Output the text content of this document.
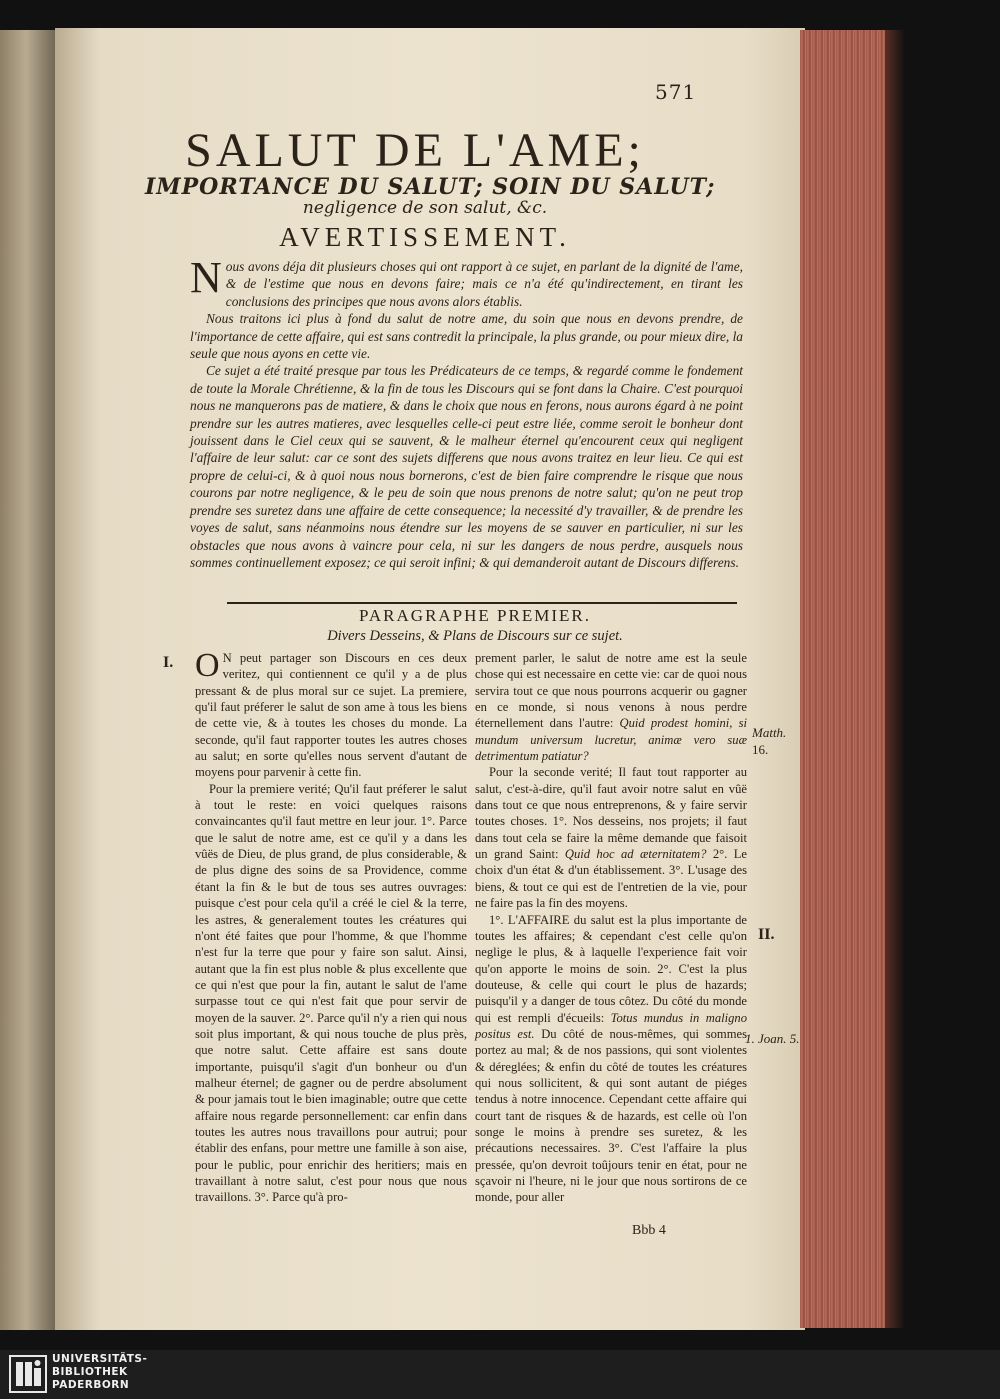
571
SALUT DE L'AME;
IMPORTANCE DU SALUT; SOIN DU SALUT;
negligence de son salut, &c.
AVERTISSEMENT.

Nous avons déja dit plusieurs choses qui ont rapport à ce sujet, en parlant de la dignité de l'ame, & de l'estime que nous en devons faire; mais ce n'a été qu'indirectement, en tirant les conclusions des principes que nous avons alors établis.

Nous traitons ici plus à fond du salut de notre ame, du soin que nous en devons prendre, de l'importance de cette affaire, qui est sans contredit la principale, la plus grande, ou pour mieux dire, la seule que nous ayons en cette vie.

Ce sujet a été traité presque par tous les Prédicateurs de ce temps, & regardé comme le fondement de toute la Morale Chrétienne, & la fin de tous les Discours qui se font dans la Chaire. C'est pourquoi nous ne manquerons pas de matiere, & dans le choix que nous en ferons, nous aurons égard à ne point prendre sur les autres matieres, avec lesquelles celle-ci peut estre liée, comme seroit le bonheur dont jouissent dans le Ciel ceux qui se sauvent, & le malheur éternel qu'encourent ceux qui negligent l'affaire de leur salut: car ce sont des sujets differens que nous avons traitez en leur lieu. Ce qui est propre de celui-ci, & à quoi nous nous bornerons, c'est de bien faire comprendre le risque que nous courons par notre negligence, & le peu de soin que nous prenons de notre salut; qu'on ne peut trop prendre ses suretez dans une affaire de cette consequence; la necessité d'y travailler, & de prendre les voyes de salut, sans néanmoins nous étendre sur les moyens de se sauver en particulier, ni sur les obstacles que nous avons à vaincre pour cela, ni sur les dangers de nous perdre, ausquels nous sommes continuellement exposez; ce qui seroit infini; & qui demanderoit autant de Discours differens.

PARAGRAPHE PREMIER.
Divers Desseins, & Plans de Discours sur ce sujet.

O N peut partager son Discours en ces deux veritez, qui contiennent ce qu'il y a de plus pressant & de plus moral sur ce sujet. La premiere, qu'il faut préferer le salut de son ame à tous les biens de cette vie, & à toutes les choses du monde. La seconde, qu'il faut rapporter toutes les autres choses au salut; en sorte qu'elles nous servent d'autant de moyens pour parvenir à cette fin.

Pour la premiere verité; Qu'il faut préferer le salut à tout le reste: en voici quelques raisons convaincantes qu'il faut mettre en leur jour. 1°. Parce que le salut de notre ame, est ce qu'il y a dans les vûës de Dieu, de plus grand, de plus considerable, & de plus digne des soins de sa Providence, comme étant la fin & le but de tous ses autres ouvrages: puisque c'est pour cela qu'il a créé le ciel & la terre, les astres, & generalement toutes les créatures qui n'ont été faites que pour l'homme, & que l'homme n'est fur la terre que pour y faire son salut. Ainsi, autant que la fin est plus noble & plus excellente que ce qui n'est que pour la fin, autant le salut de l'ame surpasse tout ce qui n'est fait que pour servir de moyen de la sauver. 2°. Parce qu'il n'y a rien qui nous soit plus important, & qui nous touche de plus près, que notre salut. Cette affaire est sans doute importante, puisqu'il s'agit d'un bonheur ou d'un malheur éternel; de gagner ou de perdre absolument & pour jamais tout le bien imaginable; outre que cette affaire nous regarde personnellement: car enfin dans toutes les autres nous travaillons pour autrui; pour établir des enfans, pour mettre une famille à son aise, pour le public, pour enrichir des heritiers; mais en travaillant à notre salut, c'est pour nous que nous travaillons. 3°. Parce qu'à pro-

prement parler, le salut de notre ame est la seule chose qui est necessaire en cette vie: car de quoi nous servira tout ce que nous pourrons acquerir ou gagner en ce monde, si nous venons à nous perdre éternellement dans l'autre: Quid prodest homini, si mundum universum lucretur, animæ vero suæ detrimentum patiatur?

Pour la seconde verité; Il faut tout rapporter au salut, c'est-à-dire, qu'il faut avoir notre salut en vûë dans tout ce que nous entreprenons, & y faire servir toutes choses. 1°. Nos desseins, nos projets; il faut dans tout cela se faire la même demande que faisoit un grand Saint: Quid hoc ad æternitatem? 2°. Le choix d'un état & d'un établissement. 3°. L'usage des biens, & tout ce qui est de l'entretien de la vie, pour ne faire pas la fin des moyens.

1°. L'AFFAIRE du salut est la plus importante de toutes les affaires; & cependant c'est celle qu'on neglige le plus, & à laquelle l'experience fait voir qu'on apporte le moins de soin. 2°. C'est la plus douteuse, & celle qui court le plus de hazards; puisqu'il y a danger de tous côtez. Du côté du monde qui est rempli d'écueils: Totus mundus in maligno positus est. Du côté de nous-mêmes, qui sommes portez au mal; & de nos passions, qui sont violentes & déreglées; & enfin du côté de toutes les créatures qui nous sollicitent, & qui sont autant de piéges tendus à notre innocence. Cependant cette affaire qui court tant de risques & de hazards, est celle où l'on songe le moins à prendre ses suretez, & les précautions necessaires. 3°. C'est l'affaire la plus pressée, qu'on devroit toûjours tenir en état, pour ne sçavoir ni l'heure, ni le jour que nous sortirons de ce monde, pour aller

I.
Matth.
16.
II.
1. Joan. 5.
Bbb 4
UNIVERSITÄTS-
BIBLIOTHEK
PADERBORN
